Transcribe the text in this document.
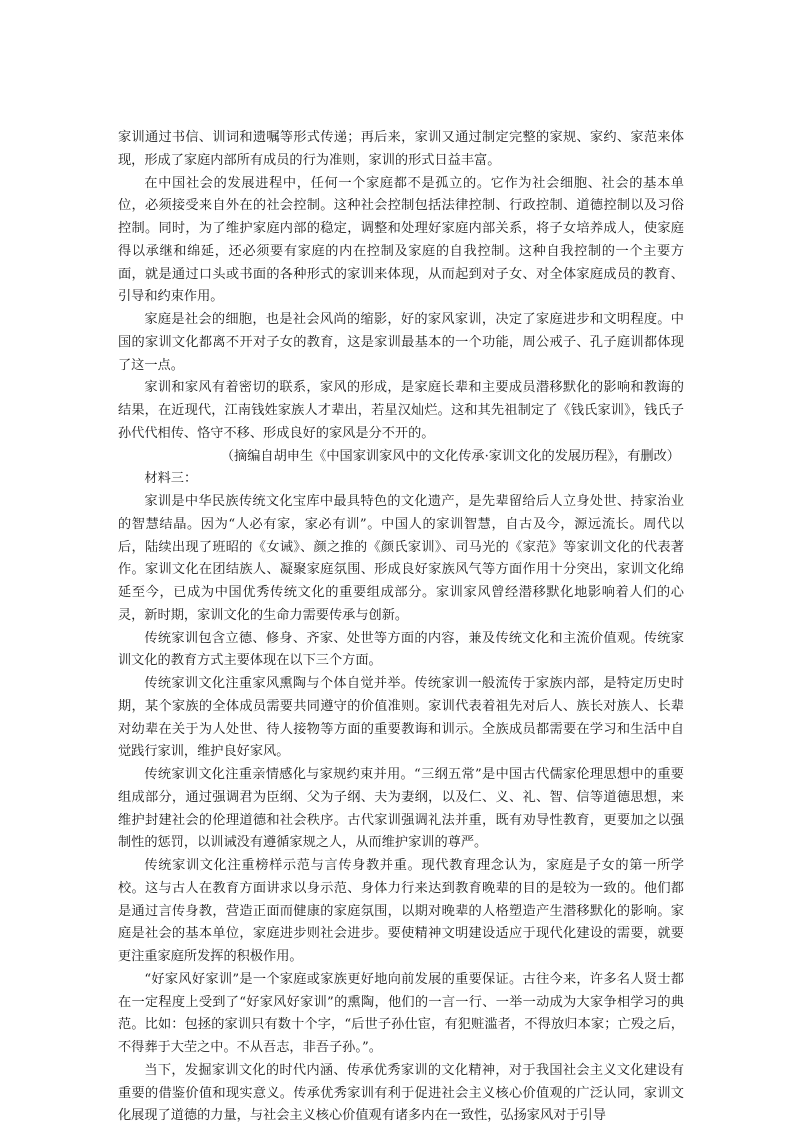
家训通过书信、训词和遗嘱等形式传递；再后来，家训又通过制定完整的家规、家约、家范来体现，形成了家庭内部所有成员的行为准则，家训的形式日益丰富。

在中国社会的发展进程中，任何一个家庭都不是孤立的。它作为社会细胞、社会的基本单位，必须接受来自外在的社会控制。这种社会控制包括法律控制、行政控制、道德控制以及习俗控制。同时，为了维护家庭内部的稳定，调整和处理好家庭内部关系，将子女培养成人，使家庭得以承继和绵延，还必须要有家庭的内在控制及家庭的自我控制。这种自我控制的一个主要方面，就是通过口头或书面的各种形式的家训来体现，从而起到对子女、对全体家庭成员的教育、引导和约束作用。

家庭是社会的细胞，也是社会风尚的缩影，好的家风家训，决定了家庭进步和文明程度。中国的家训文化都离不开对子女的教育，这是家训最基本的一个功能，周公戒子、孔子庭训都体现了这一点。

家训和家风有着密切的联系，家风的形成，是家庭长辈和主要成员潜移默化的影响和教诲的结果，在近现代，江南钱姓家族人才辈出，若星汉灿烂。这和其先祖制定了《钱氏家训》，钱氏子孙代代相传、恪守不移、形成良好的家风是分不开的。

（摘编自胡申生《中国家训家风中的文化传承·家训文化的发展历程》，有删改）

材料三：

家训是中华民族传统文化宝库中最具特色的文化遗产，是先辈留给后人立身处世、持家治业的智慧结晶。因为“人必有家，家必有训”。中国人的家训智慧，自古及今，源远流长。周代以后，陆续出现了班昭的《女诫》、颜之推的《颜氏家训》、司马光的《家范》等家训文化的代表著作。家训文化在团结族人、凝聚家庭氛围、形成良好家族风气等方面作用十分突出，家训文化绵延至今，已成为中国优秀传统文化的重要组成部分。家训家风曾经潜移默化地影响着人们的心灵，新时期，家训文化的生命力需要传承与创新。

传统家训包含立德、修身、齐家、处世等方面的内容，兼及传统文化和主流价值观。传统家训文化的教育方式主要体现在以下三个方面。

传统家训文化注重家风熏陶与个体自觉并举。传统家训一般流传于家族内部，是特定历史时期，某个家族的全体成员需要共同遵守的价值准则。家训代表着祖先对后人、族长对族人、长辈对幼辈在关于为人处世、待人接物等方面的重要教诲和训示。全族成员都需要在学习和生活中自觉践行家训，维护良好家风。

传统家训文化注重亲情感化与家规约束并用。“三纲五常”是中国古代儒家伦理思想中的重要组成部分，通过强调君为臣纲、父为子纲、夫为妻纲，以及仁、义、礼、智、信等道德思想，来维护封建社会的伦理道德和社会秩序。古代家训强调礼法并重，既有劝导性教育，更要加之以强制性的惩罚，以训诫没有遵循家规之人，从而维护家训的尊严。

传统家训文化注重榜样示范与言传身教并重。现代教育理念认为，家庭是子女的第一所学校。这与古人在教育方面讲求以身示范、身体力行来达到教育晚辈的目的是较为一致的。他们都是通过言传身教，营造正面而健康的家庭氛围，以期对晚辈的人格塑造产生潜移默化的影响。家庭是社会的基本单位，家庭进步则社会进步。要使精神文明建设适应于现代化建设的需要，就要更注重家庭所发挥的积极作用。

“好家风好家训”是一个家庭或家族更好地向前发展的重要保证。古往今来，许多名人贤士都在一定程度上受到了“好家风好家训”的熏陶，他们的一言一行、一举一动成为大家争相学习的典范。比如：包拯的家训只有数十个字，“后世子孙仕宦，有犯赃滥者，不得放归本家；亡殁之后，不得葬于大茔之中。不从吾志，非吾子孙。”。

当下，发掘家训文化的时代内涵、传承优秀家训的文化精神，对于我国社会主义文化建设有重要的借鉴价值和现实意义。传承优秀家训有利于促进社会主义核心价值观的广泛认同，家训文化展现了道德的力量，与社会主义核心价值观有诸多内在一致性，弘扬家风对于引导
